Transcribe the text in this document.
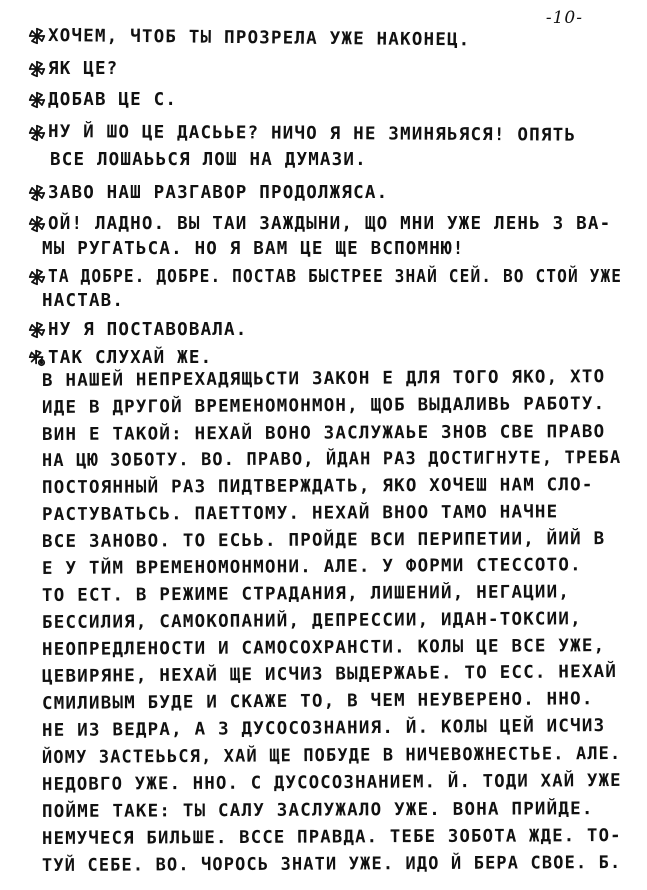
-10-
ХОЧЕМ, ЧТОБ ТЫ ПРОЗРЕЛА УЖЕ НАКОНЕЦ.
ЯК ЦЕ?
ДОБАВ ЦЕ С.
НУ Й ШО ЦЕ ДАСЬЬЕ? НИЧО Я НЕ ЗМИНЯЬЯСЯ! ОПЯТЬ
ВСЕ ЛОШАЬЬСЯ ЛОШ НА ДУМАЗИ.
ЗАВО НАШ РАЗГАВОР ПРОДОЛЖЯСА.
ОЙ! ЛАДНО. ВЫ ТАИ ЗАЖДЫНИ, ЩО МНИ УЖЕ ЛЕНЬ З ВА-
МЫ РУГАТЬСА. НО Я ВАМ ЦЕ ЩЕ ВСПОМНЮ!
ТА ДОБРЕ. ДОБРЕ. ПОСТАВ БЫСТРЕЕ ЗНАЙ СЕЙ. ВО СТОЙ УЖЕ
НАСТАВ.
НУ Я ПОСТАВОВАЛА.
ТАК СЛУХАЙ ЖЕ.
В НАШЕЙ НЕПРЕХАДЯЩЬСТИ ЗАКОН Е ДЛЯ ТОГО ЯКО, ХТО
ИДЕ В ДРУГОЙ ВРЕМЕНОМОНМОН, ЩОБ ВЫДАЛИВЬ РАБОТУ.
ВИН Е ТАКОЙ: НЕХАЙ ВОНО ЗАСЛУЖАЬЕ ЗНОВ СВЕ ПРАВО
НА ЦЮ ЗОБОТУ. ВО. ПРАВО, ЙДАН РАЗ ДОСТИГНУТЕ, ТРЕБА
ПОСТОЯННЫЙ РАЗ ПИДТВЕРЖДАТЬ, ЯКО ХОЧЕШ НАМ СЛО-
РАСТУВАТЬСЬ. ПАЕТТОМУ. НЕХАЙ ВНОО ТАМО НАЧНЕ
ВСЕ ЗАНОВО. ТО ЕСЬЬ. ПРОЙДЕ ВСИ ПЕРИПЕТИИ, ЙИЙ В
Е У ТЙМ ВРЕМЕНОМОНМОНИ. АЛЕ. У ФОРМИ СТЕССОТО.
ТО ЕСТ. В РЕЖИМЕ СТРАДАНИЯ, ЛИШЕНИЙ, НЕГАЦИИ,
БЕССИЛИЯ, САМОКОПАНИЙ, ДЕПРЕССИИ, ИДАН-ТОКСИИ,
НЕОПРЕДЛЕНОСТИ И САМОСОХРАНСТИ. КОЛЫ ЦЕ ВСЕ УЖЕ,
ЦЕВИРЯНЕ, НЕХАЙ ЩЕ ИСЧИЗ ВЫДЕРЖАЬЕ. ТО ЕСС. НЕХАЙ
СМИЛИВЫМ БУДЕ И СКАЖЕ ТО, В ЧЕМ НЕУВЕРЕНО. ННО.
НЕ ИЗ ВЕДРА, А З ДУСОСОЗНАНИЯ. Й. КОЛЫ ЦЕЙ ИСЧИЗ
ЙОМУ ЗАСТЕЬЬСЯ, ХАЙ ЩЕ ПОБУДЕ В НИЧЕВОЖНЕСТЬЕ. АЛЕ.
НЕДОВГО УЖЕ. ННО. С ДУСОСОЗНАНИЕМ. Й. ТОДИ ХАЙ УЖЕ
ПОЙМЕ ТАКЕ: ТЫ САЛУ ЗАСЛУЖАЛО УЖЕ. ВОНА ПРИЙДЕ.
НЕМУЧЕСЯ БИЛЬШЕ. ВССЕ ПРАВДА. ТЕБЕ ЗОБОТА ЖДЕ. ТО-
ТУЙ СЕБЕ. ВО. ЧОРОСЬ ЗНАТИ УЖЕ. ИДО Й БЕРА СВОЕ. Б.
